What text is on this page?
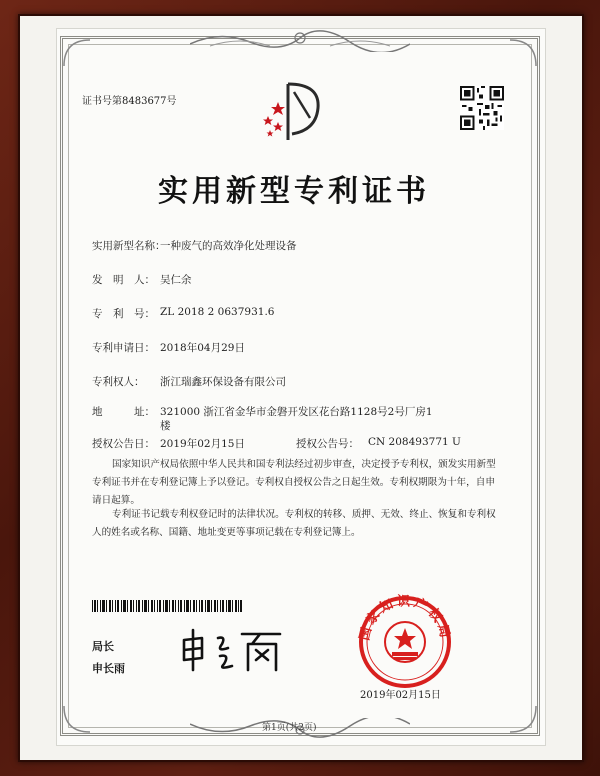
证书号第8483677号
实用新型专利证书
实用新型名称：
一种废气的高效净化处理设备
发　明　人： 吴仁余
专　利　号： ZL 2018 2 0637931.6
专利申请日： 2018年04月29日
专利权人： 浙江瑞鑫环保设备有限公司
地　　　址： 321000 浙江省金华市金磐开发区花台路1128号2号厂房1
楼
授权公告日： 2019年02月15日	授权公告号： CN 208493771 U
国家知识产权局依照中华人民共和国专利法经过初步审查，决定授予专利权，颁发实用新型专利证书并在专利登记簿上予以登记。专利权自授权公告之日起生效。专利权期限为十年，自申请日起算。
专利证书记载专利权登记时的法律状况。专利权的转移、质押、无效、终止、恢复和专利权人的姓名或名称、国籍、地址变更等事项记载在专利登记簿上。
局长
申长雨
国家知识产权局
2019年02月15日
第1页(共2页)
